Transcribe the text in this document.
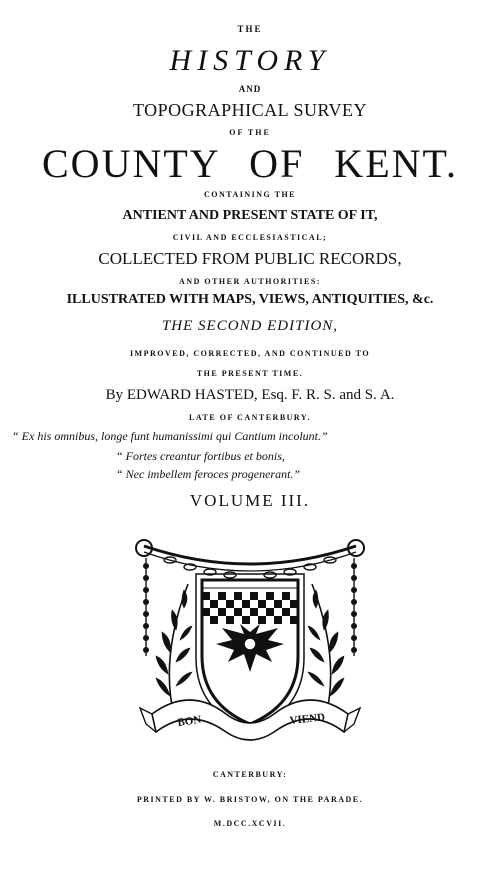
THE
HISTORY
AND
TOPOGRAPHICAL SURVEY
OF THE
COUNTY OF KENT.
CONTAINING THE
ANTIENT AND PRESENT STATE OF IT,
CIVIL AND ECCLESIASTICAL;
COLLECTED FROM PUBLIC RECORDS,
AND OTHER AUTHORITIES:
ILLUSTRATED WITH MAPS, VIEWS, ANTIQUITIES, &c.
THE SECOND EDITION,
IMPROVED, CORRECTED, AND CONTINUED TO
THE PRESENT TIME.
By EDWARD HASTED, Esq. F. R. S. and S. A.
LATE OF CANTERBURY.
“ Ex his omnibus, longe funt humanissimi qui Cantium incolunt.”
“ Fortes creantur fortibus et bonis,
“ Nec imbellem feroces progenerant.”
VOLUME III.
BON	VIEND
CANTERBURY:
PRINTED BY W. BRISTOW, ON THE PARADE.
M.DCC.XCVII.
